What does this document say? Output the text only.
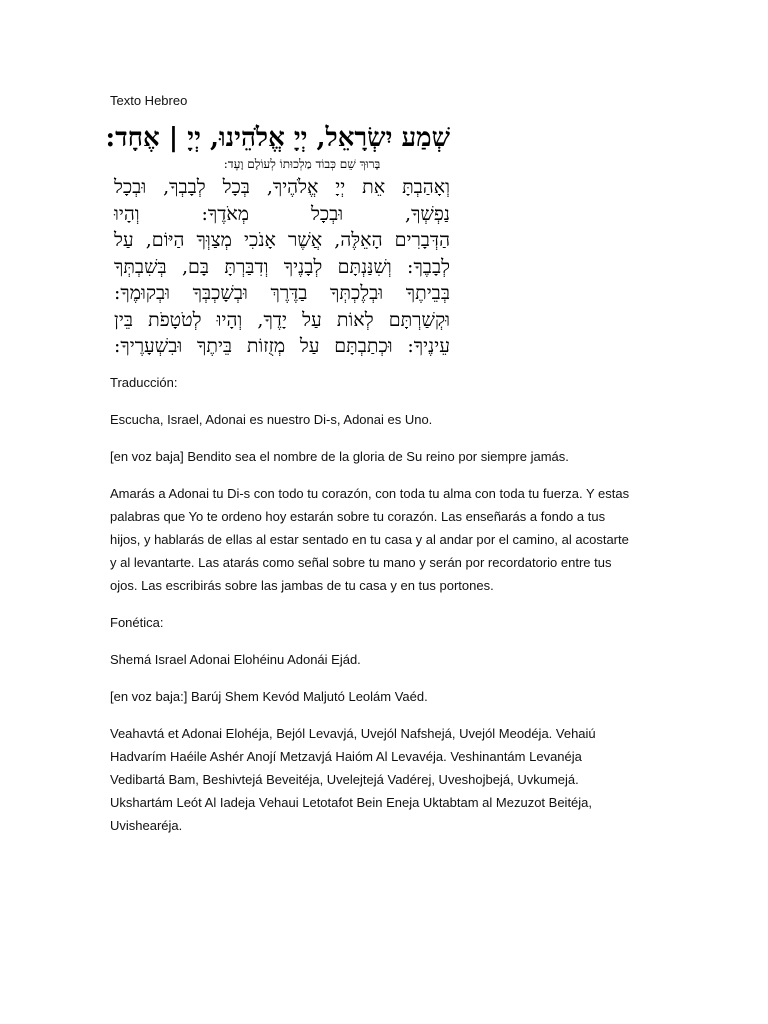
Texto Hebreo

שְׁמַע יִשְׂרָאֵל, יְיָ אֱלֹהֵינוּ, יְיָ | אֶחָד:
בָּרוּךְ שֵׁם כְּבוֹד מַלְכוּתוֹ לְעוֹלָם וָעֶד:
וְאָהַבְתָּ אֵת יְיָ אֱלֹהֶיךָ, בְּכָל לְבָבְךָ, וּבְכָל
נַפְשְׁךָ, וּבְכָל מְאֹדֶךָ: וְהָיוּ
הַדְּבָרִים הָאֵלֶּה, אֲשֶׁר אָנֹכִי מְצַוְּךָ הַיּוֹם, עַל
לְבָבֶךָ: וְשִׁנַּנְתָּם לְבָנֶיךָ וְדִבַּרְתָּ בָּם, בְּשִׁבְתְּךָ
בְּבֵיתֶךָ וּבְלֶכְתְּךָ בַדֶּרֶךְ וּבְשָׁכְבְּךָ וּבְקוּמֶךָ:
וּקְשַׁרְתָּם לְאוֹת עַל יָדֶךָ, וְהָיוּ לְטֹטָפֹת בֵּין
עֵינֶיךָ: וּכְתַבְתָּם עַל מְזֻזוֹת בֵּיתֶךָ וּבִשְׁעָרֶיךָ:

Traducción:

Escucha, Israel, Adonai es nuestro Di-s, Adonai es Uno.

[en voz baja] Bendito sea el nombre de la gloria de Su reino por siempre jamás.

Amarás a Adonai tu Di-s con todo tu corazón, con toda tu alma con toda tu fuerza. Y estas

palabras que Yo te ordeno hoy estarán sobre tu corazón. Las enseñarás a fondo a tus

hijos, y hablarás de ellas al estar sentado en tu casa y al andar por el camino, al acostarte

y al levantarte. Las atarás como señal sobre tu mano y serán por recordatorio entre tus

ojos. Las escribirás sobre las jambas de tu casa y en tus portones.

Fonética:

Shemá Israel Adonai Elohéinu Adonái Ejád.

[en voz baja:] Barúj Shem Kevód Maljutó Leolám Vaéd.

Veahavtá et Adonai Elohéja, Bejól Levavjá, Uvejól Nafshejá, Uvejól Meodéja. Vehaiú

Hadvarím Haéile Ashér Anojí Metzavjá Haióm Al Levavéja. Veshinantám Levanéja

Vedibartá Bam, Beshivtejá Beveitéja, Uvelejtejá Vadérej, Uveshojbejá, Uvkumejá.

Ukshartám Leót Al Iadeja Vehaui Letotafot Bein Eneja Uktabtam al Mezuzot Beitéja,

Uvishearéja.
